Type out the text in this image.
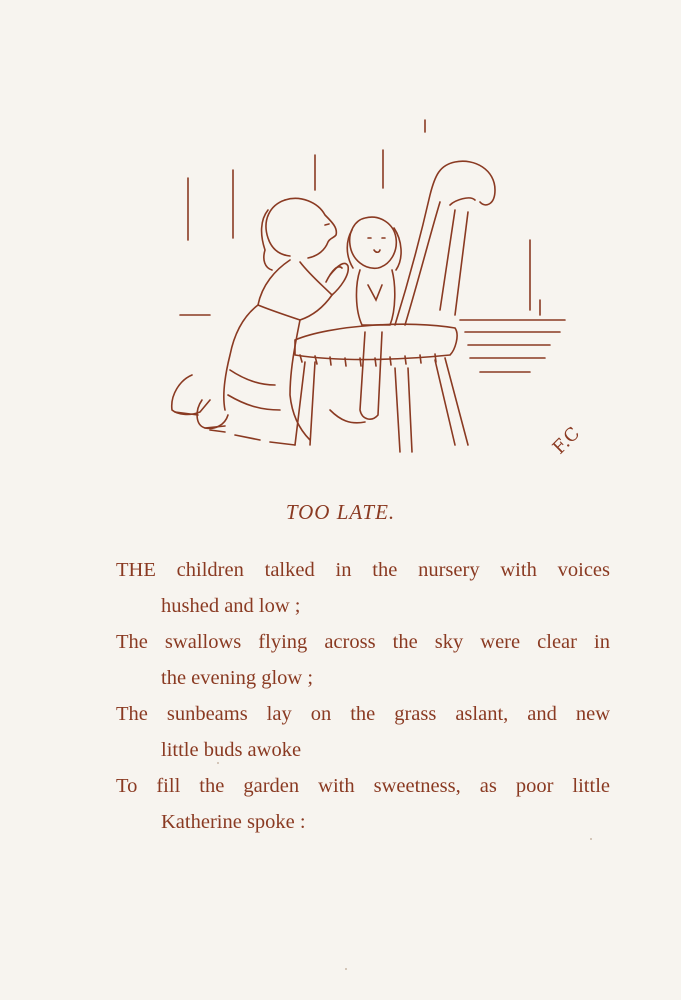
F.C
TOO LATE.
THE children talked in the nursery with voices
hushed and low ;
The swallows flying across the sky were clear in
the evening glow ;
The sunbeams lay on the grass aslant, and new
little buds awoke
To fill the garden with sweetness, as poor little
Katherine spoke :
